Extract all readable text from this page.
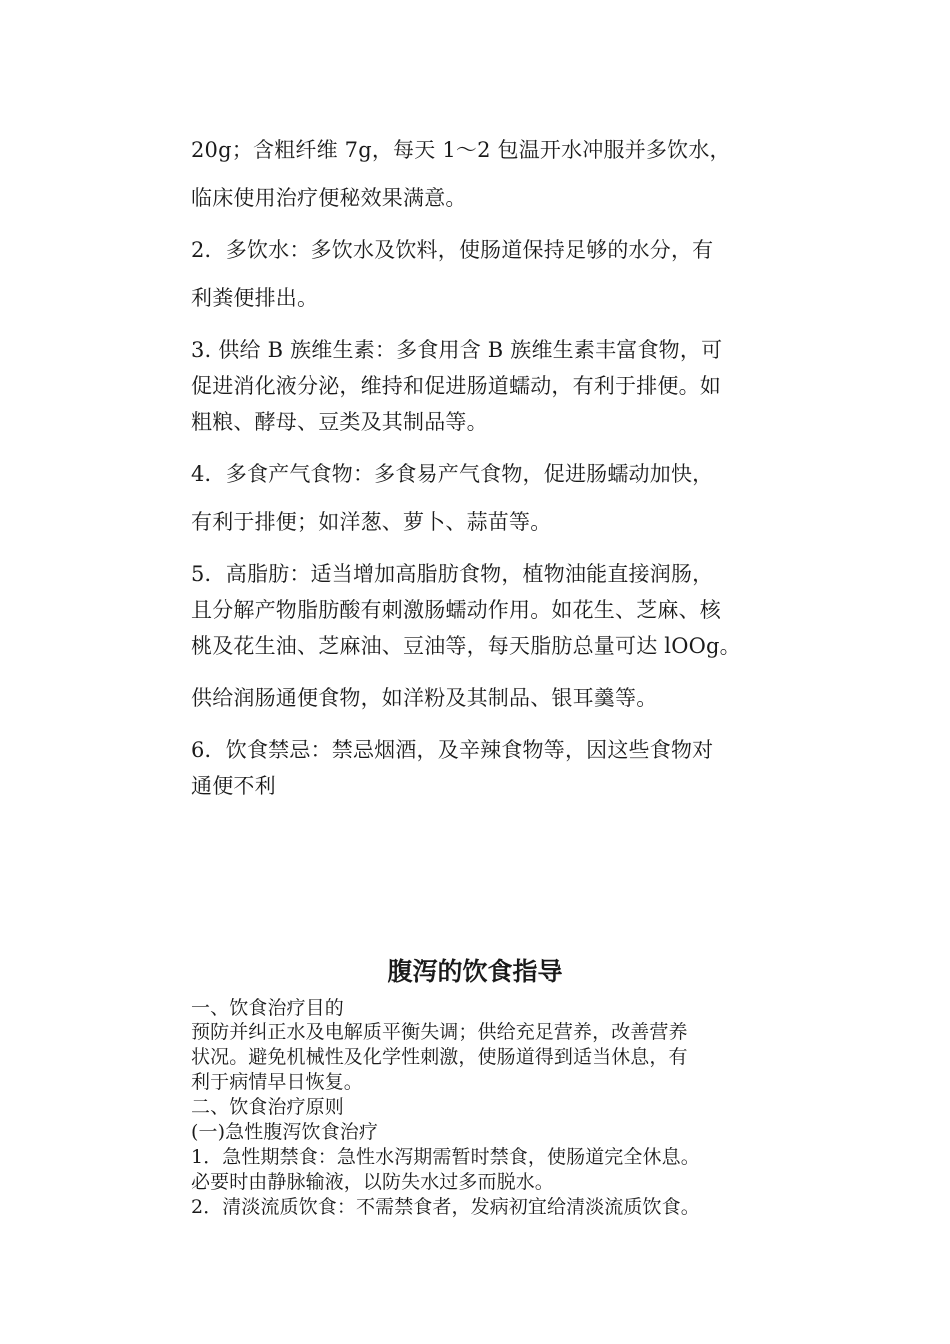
20g；含粗纤维 7g，每天 1～2 包温开水冲服并多饮水，
临床使用治疗便秘效果满意。
2．多饮水：多饮水及饮料，使肠道保持足够的水分，有
利粪便排出。
3. 供给 B 族维生素：多食用含 B 族维生素丰富食物，可
促进消化液分泌，维持和促进肠道蠕动，有利于排便。如
粗粮、酵母、豆类及其制品等。
4．多食产气食物：多食易产气食物，促进肠蠕动加快，
有利于排便；如洋葱、萝卜、蒜苗等。
5．高脂肪：适当增加高脂肪食物，植物油能直接润肠，
且分解产物脂肪酸有刺激肠蠕动作用。如花生、芝麻、核
桃及花生油、芝麻油、豆油等，每天脂肪总量可达 lOOg。
供给润肠通便食物，如洋粉及其制品、银耳羹等。
6．饮食禁忌：禁忌烟酒，及辛辣食物等，因这些食物对
通便不利
腹泻的饮食指导
一、饮食治疗目的
预防并纠正水及电解质平衡失调；供给充足营养，改善营养
状况。避免机械性及化学性刺激，使肠道得到适当休息，有
利于病情早日恢复。
二、饮食治疗原则
(一)急性腹泻饮食治疗
1．急性期禁食：急性水泻期需暂时禁食，使肠道完全休息。
必要时由静脉输液，以防失水过多而脱水。
2．清淡流质饮食：不需禁食者，发病初宜给清淡流质饮食。
